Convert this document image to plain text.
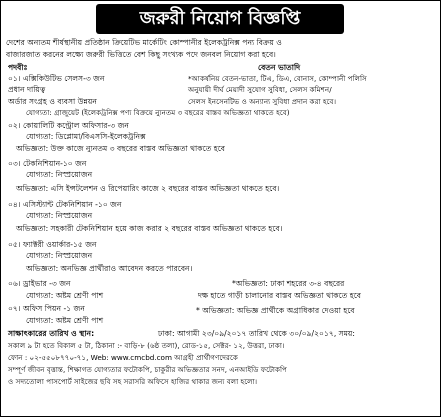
জরুরী নিয়োগ বিজ্ঞপ্তি
দেশের অন্যতম শীর্ষস্থানীয় প্রতিষ্ঠান ক্রিয়েটিভ মার্কেটিং কোম্পানীর ইলেকট্রনিক্স পন্য বিক্রয় ও
বাজারজাত করনের লক্ষ্যে জরুরী ভিত্তিতে বেশ কিছু সংখ্যক পদে জনবল নিয়োগ করা হবে।
পদবীঃ	বেতন ভাতাদি
০১। এক্সিকিউটিভ সেলস-৩ জন
প্রধান দায়িত্ব
অর্ডার সংগ্রহ ও ব্যবসা উন্নয়ন
যোগ্যতা: গ্রাজুয়েট (ইলেকট্রনিক্স পণ্য বিক্রয়ে ন্যুনতম ৩ বছরের বাস্তব অভিজ্ঞতা থাকতে হবে)
*আকর্ষনিয় বেতন-ভাতা, টিএ, ডিএ, বোনাস, কোম্পানী পলিসি
অনুযায়ী দীর্ঘ মেয়াদী সুযোগ সুবিধা, সেলস কমিশন/
সেলস ইনসেনটিভ ও অন্যান্য সুবিধা প্রদান করা হবে।
০২। কোয়ালিটি কন্ট্রোল অফিসার-৩ জন
যোগ্যতা: ডিপ্লোমা/বিএসসি-ইলেকট্রনিক্স
অভিজ্ঞতা: উক্ত কাজে ন্যুনতম ৩ বছরের বাস্তব অভিজ্ঞতা থাকতে হবে
০৩। টেকনিশিয়ান-১০ জন
যোগ্যতা: নিস্প্রয়োজন
অভিজ্ঞতা: এসি ইন্সটলেশন ও রিপেয়ারিং কাজে ২ বছরের বাস্তব অভিজ্ঞতা থাকতে হবে।
০৪। এসিস্ট্যান্ট টেকনিশিয়ান -১০ জন
যোগ্যতা: নিস্প্রয়োজন
অভিজ্ঞতা: সহকারী টেকনিশিয়ান হয়ে কাজ করার ২ বছরের বাস্তব অভিজ্ঞতা থাকতে হবে।
০৫। ফ্যাক্টরী ওয়ার্কার-১৫ জন
যোগ্যতা: নিস্প্রয়োজন
অভিজ্ঞতা: অনভিজ্ঞ প্রার্থীরাও আবেদন করতে পারবেন।
০৬। ড্রাইভার -৩ জন
যোগ্যতা: অষ্টম শ্রেণী পাশ
*অভিজ্ঞতা: ঢাকা শহরের ৩-৪ বছরের
দক্ষ হাতে গাড়ী চালানোর বাস্তব অভিজ্ঞতা থাকতে হবে
০৭। অফিস পিয়ন -১ জন
যোগ্যতা: অষ্টম শ্রেণী পাশ
* অভিজ্ঞতা: অভিজ্ঞ প্রার্থীকে অগ্রাধিকার দেওয়া হবে
সাক্ষাৎকারের তারিখ ও স্থান:	ঢাকা: আগামী ২৩/০৯/২০১৭ তারিখ থেকে ৩০/০৯/২০১৭, সময়:
সকাল ৯ টা হতে বিকাল ৫ টা, ঠিকানা :- বাড়ি-৮ (৬ষ্ঠ তলা), রোড-১৫, সেক্টর- ১২, উত্তরা, ঢাকা।
ফোন : ০২-৫৫০৮৭৭০-৭১, Web: www.cmcbd.com আগ্রহী প্রার্থীগণদেরকে
সম্পূর্ণ জীবন বৃত্তান্ত, শিক্ষাগত যোগ্যতার ফটোকপি, চাকুরীর অভিজ্ঞতার সনদ, এনআইডি ফটোকপি
ও সদ্যতোলা পাসপোর্ট সাইজের ছবি সহ সরাসরি অফিসে হাজির থাকার জন্য বলা হলো।
